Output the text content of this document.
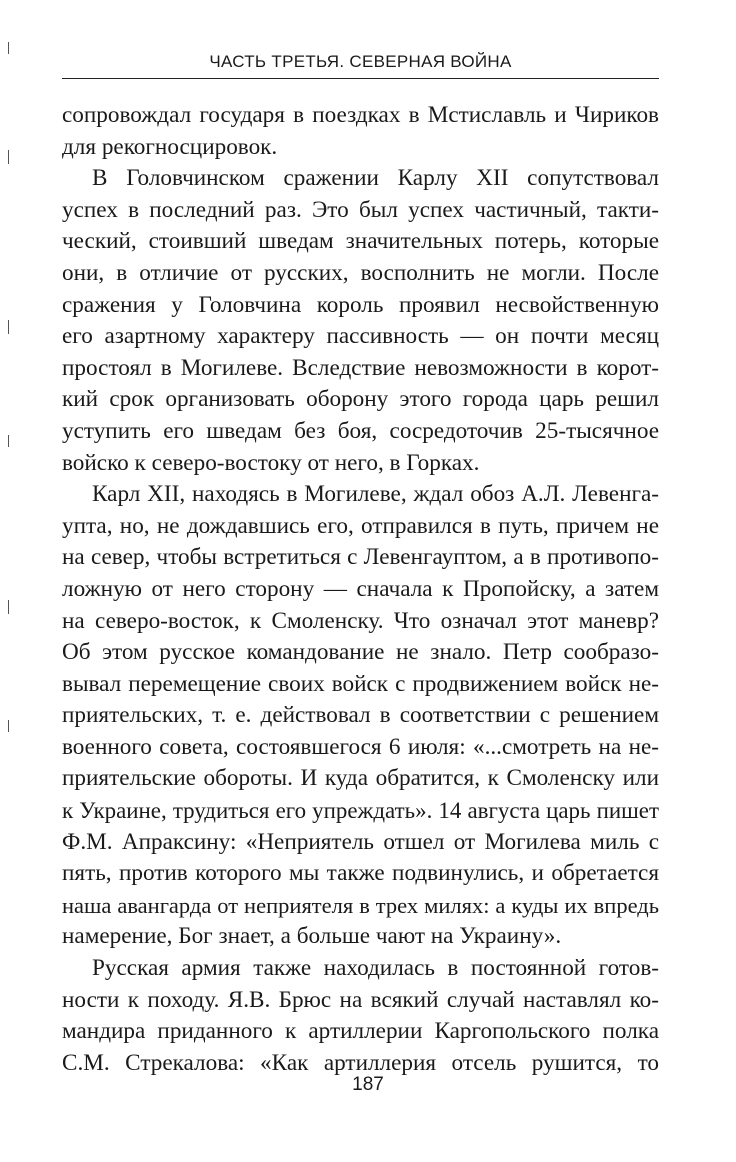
ЧАСТЬ ТРЕТЬЯ. СЕВЕРНАЯ ВОЙНА
сопровождал государя в поездках в Мстиславль и Чириков
для рекогносцировок.
В Головчинском сражении Карлу XII сопутствовал
успех в последний раз. Это был успех частичный, такти-
ческий, стоивший шведам значительных потерь, которые
они, в отличие от русских, восполнить не могли. После
сражения у Головчина король проявил несвойственную
его азартному характеру пассивность — он почти месяц
простоял в Могилеве. Вследствие невозможности в корот-
кий срок организовать оборону этого города царь решил
уступить его шведам без боя, сосредоточив 25-тысячное
войско к северо-востоку от него, в Горках.
Карл XII, находясь в Могилеве, ждал обоз А.Л. Левенга-
упта, но, не дождавшись его, отправился в путь, причем не
на север, чтобы встретиться с Левенгауптом, а в противопо-
ложную от него сторону — сначала к Пропойску, а затем
на северо-восток, к Смоленску. Что означал этот маневр?
Об этом русское командование не знало. Петр сообразо-
вывал перемещение своих войск с продвижением войск не-
приятельских, т. е. действовал в соответствии с решением
военного совета, состоявшегося 6 июля: «...смотреть на не-
приятельские обороты. И куда обратится, к Смоленску или
к Украине, трудиться его упреждать». 14 августа царь пишет
Ф.М. Апраксину: «Неприятель отшел от Могилева миль с
пять, против которого мы также подвинулись, и обретается
наша авангарда от неприятеля в трех милях: а куды их впредь
намерение, Бог знает, а больше чают на Украину».
Русская армия также находилась в постоянной готов-
ности к походу. Я.В. Брюс на всякий случай наставлял ко-
мандира приданного к артиллерии Каргопольского полка
С.М. Стрекалова: «Как артиллерия отсель рушится, то
187
